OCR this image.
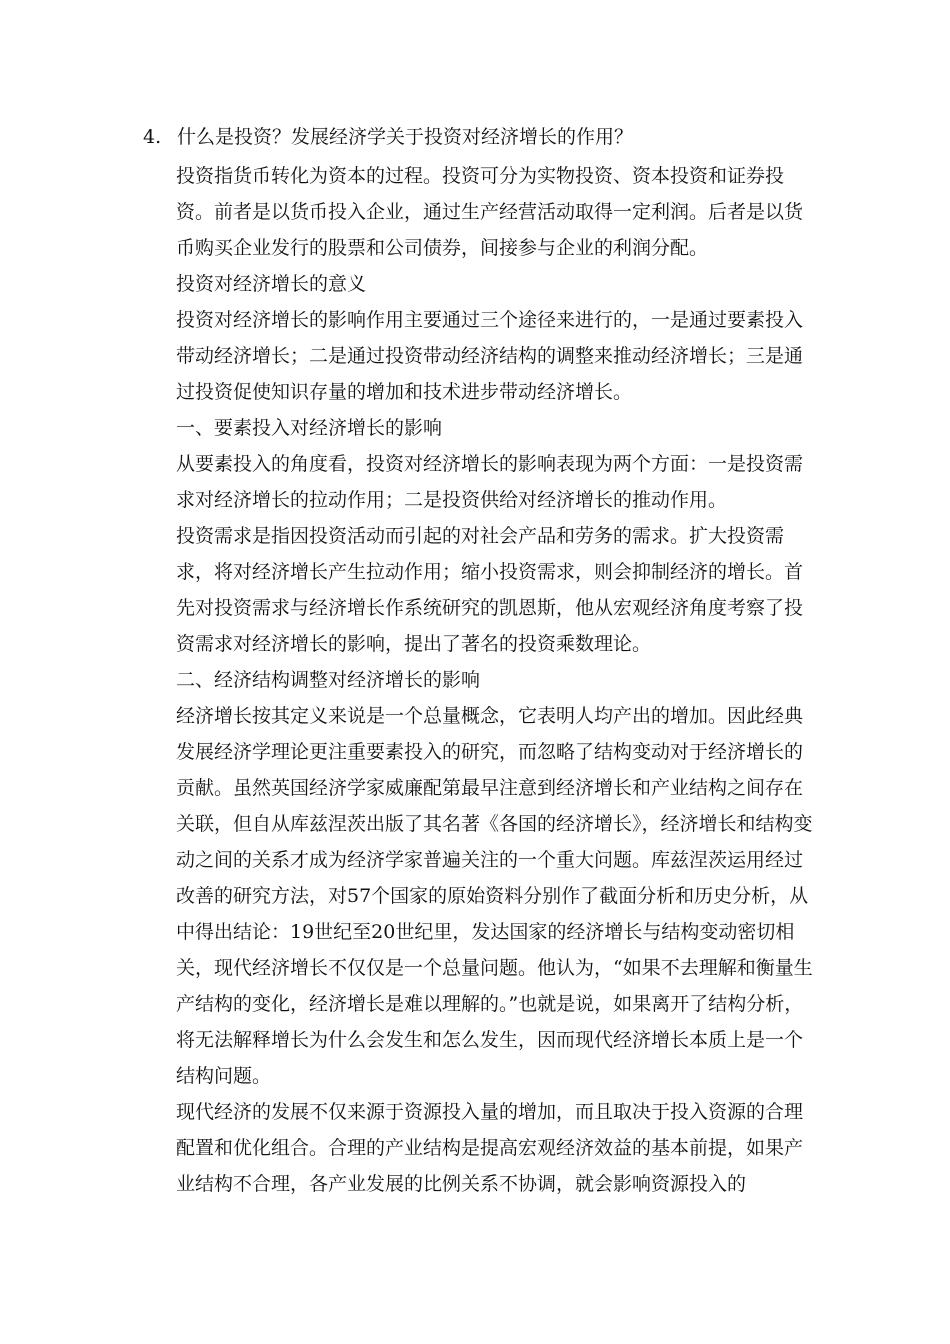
4. 什么是投资？发展经济学关于投资对经济增长的作用？

投资指货币转化为资本的过程。投资可分为实物投资、资本投资和证券投资。前者是以货币投入企业，通过生产经营活动取得一定利润。后者是以货币购买企业发行的股票和公司债券，间接参与企业的利润分配。

投资对经济增长的意义

投资对经济增长的影响作用主要通过三个途径来进行的，一是通过要素投入带动经济增长；二是通过投资带动经济结构的调整来推动经济增长；三是通过投资促使知识存量的增加和技术进步带动经济增长。

一、要素投入对经济增长的影响

从要素投入的角度看，投资对经济增长的影响表现为两个方面：一是投资需求对经济增长的拉动作用；二是投资供给对经济增长的推动作用。

投资需求是指因投资活动而引起的对社会产品和劳务的需求。扩大投资需求，将对经济增长产生拉动作用；缩小投资需求，则会抑制经济的增长。首先对投资需求与经济增长作系统研究的凯恩斯，他从宏观经济角度考察了投资需求对经济增长的影响，提出了著名的投资乘数理论。

二、经济结构调整对经济增长的影响

经济增长按其定义来说是一个总量概念，它表明人均产出的增加。因此经典发展经济学理论更注重要素投入的研究，而忽略了结构变动对于经济增长的贡献。虽然英国经济学家威廉配第最早注意到经济增长和产业结构之间存在关联，但自从库兹涅茨出版了其名著《各国的经济增长》，经济增长和结构变动之间的关系才成为经济学家普遍关注的一个重大问题。库兹涅茨运用经过改善的研究方法，对57个国家的原始资料分别作了截面分析和历史分析，从中得出结论：19世纪至20世纪里，发达国家的经济增长与结构变动密切相关，现代经济增长不仅仅是一个总量问题。他认为，“如果不去理解和衡量生产结构的变化，经济增长是难以理解的。”也就是说，如果离开了结构分析，将无法解释增长为什么会发生和怎么发生，因而现代经济增长本质上是一个结构问题。

现代经济的发展不仅来源于资源投入量的增加，而且取决于投入资源的合理配置和优化组合。合理的产业结构是提高宏观经济效益的基本前提，如果产业结构不合理，各产业发展的比例关系不协调，就会影响资源投入的
